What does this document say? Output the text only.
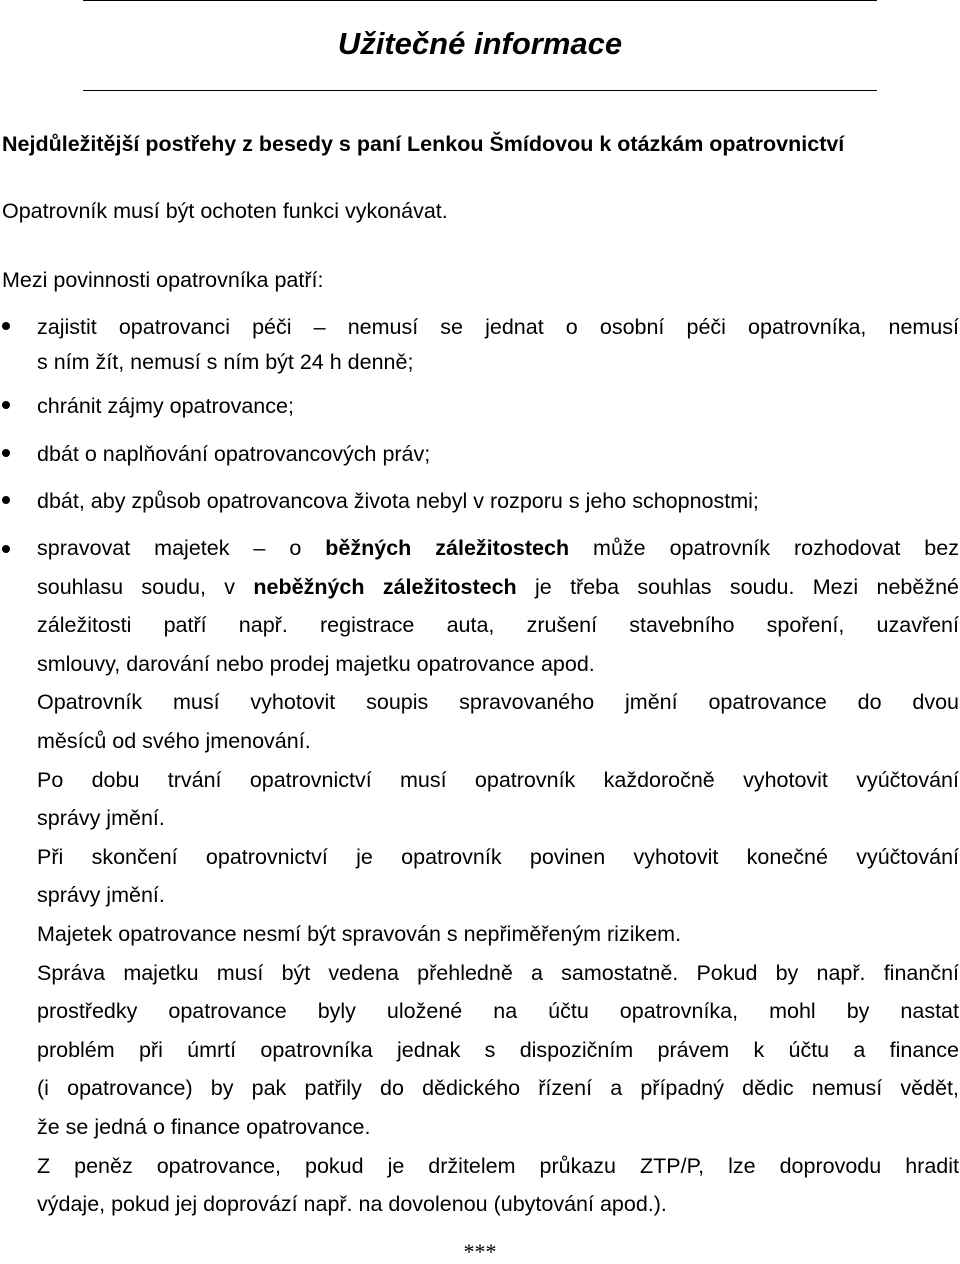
Užitečné informace

Nejdůležitější postřehy z besedy s paní Lenkou Šmídovou k otázkám opatrovnictví

Opatrovník musí být ochoten funkci vykonávat.

Mezi povinnosti opatrovníka patří:

zajistit opatrovanci péči – nemusí se jednat o osobní péči opatrovníka, nemusí
s ním žít, nemusí s ním být 24 h denně;
chránit zájmy opatrovance;
dbát o naplňování opatrovancových práv;
dbát, aby způsob opatrovancova života nebyl v rozporu s jeho schopnostmi;
spravovat majetek – o běžných záležitostech může opatrovník rozhodovat bez
souhlasu soudu, v neběžných záležitostech je třeba souhlas soudu. Mezi neběžné
záležitosti patří např. registrace auta, zrušení stavebního spoření, uzavření
smlouvy, darování nebo prodej majetku opatrovance apod.
Opatrovník musí vyhotovit soupis spravovaného jmění opatrovance do dvou
měsíců od svého jmenování.
Po dobu trvání opatrovnictví musí opatrovník každoročně vyhotovit vyúčtování
správy jmění.
Při skončení opatrovnictví je opatrovník povinen vyhotovit konečné vyúčtování
správy jmění.
Majetek opatrovance nesmí být spravován s nepřiměřeným rizikem.
Správa majetku musí být vedena přehledně a samostatně. Pokud by např. finanční
prostředky opatrovance byly uložené na účtu opatrovníka, mohl by nastat
problém při úmrtí opatrovníka jednak s dispozičním právem k účtu a finance
(i opatrovance) by pak patřily do dědického řízení a případný dědic nemusí vědět,
že se jedná o finance opatrovance.
Z peněz opatrovance, pokud je držitelem průkazu ZTP/P, lze doprovodu hradit
výdaje, pokud jej doprovází např. na dovolenou (ubytování apod.).
***
